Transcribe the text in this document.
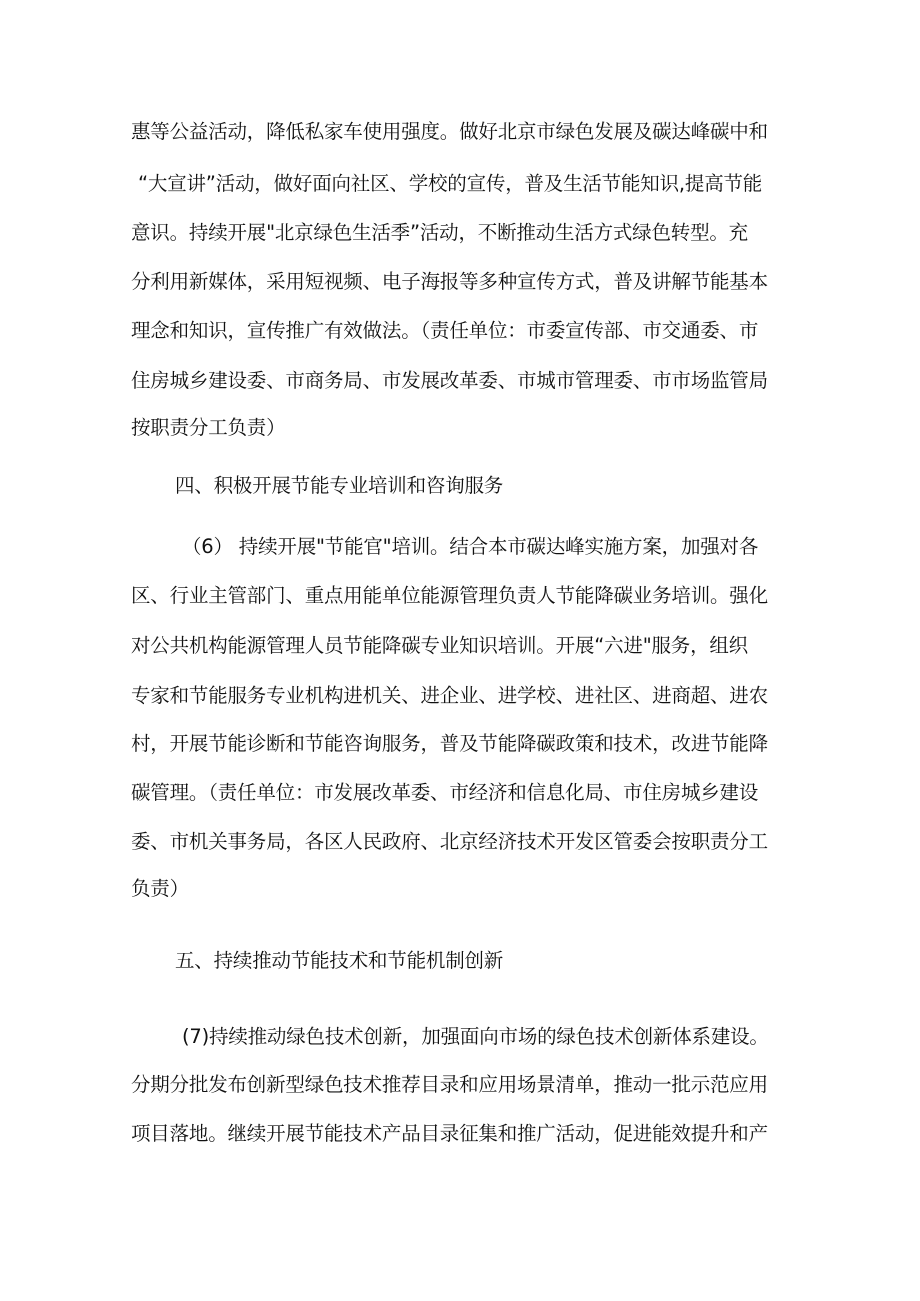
惠等公益活动，降低私家车使用强度。做好北京市绿色发展及碳达峰碳中和
“大宣讲”活动，做好面向社区、学校的宣传，普及生活节能知识,提高节能
意识。持续开展"北京绿色生活季”活动，不断推动生活方式绿色转型。充
分利用新媒体，采用短视频、电子海报等多种宣传方式，普及讲解节能基本
理念和知识，宣传推广有效做法。（责任单位：市委宣传部、市交通委、市
住房城乡建设委、市商务局、市发展改革委、市城市管理委、市市场监管局
按职责分工负责）
四、积极开展节能专业培训和咨询服务
（6） 持续开展"节能官"培训。结合本市碳达峰实施方案，加强对各
区、行业主管部门、重点用能单位能源管理负责人节能降碳业务培训。强化
对公共机构能源管理人员节能降碳专业知识培训。开展“六进"服务，组织
专家和节能服务专业机构进机关、进企业、进学校、进社区、进商超、进农
村，开展节能诊断和节能咨询服务，普及节能降碳政策和技术，改进节能降
碳管理。（责任单位：市发展改革委、市经济和信息化局、市住房城乡建设
委、市机关事务局，各区人民政府、北京经济技术开发区管委会按职责分工
负责）
五、持续推动节能技术和节能机制创新
(7)持续推动绿色技术创新，加强面向市场的绿色技术创新体系建设。
分期分批发布创新型绿色技术推荐目录和应用场景清单，推动一批示范应用
项目落地。继续开展节能技术产品目录征集和推广活动，促进能效提升和产
